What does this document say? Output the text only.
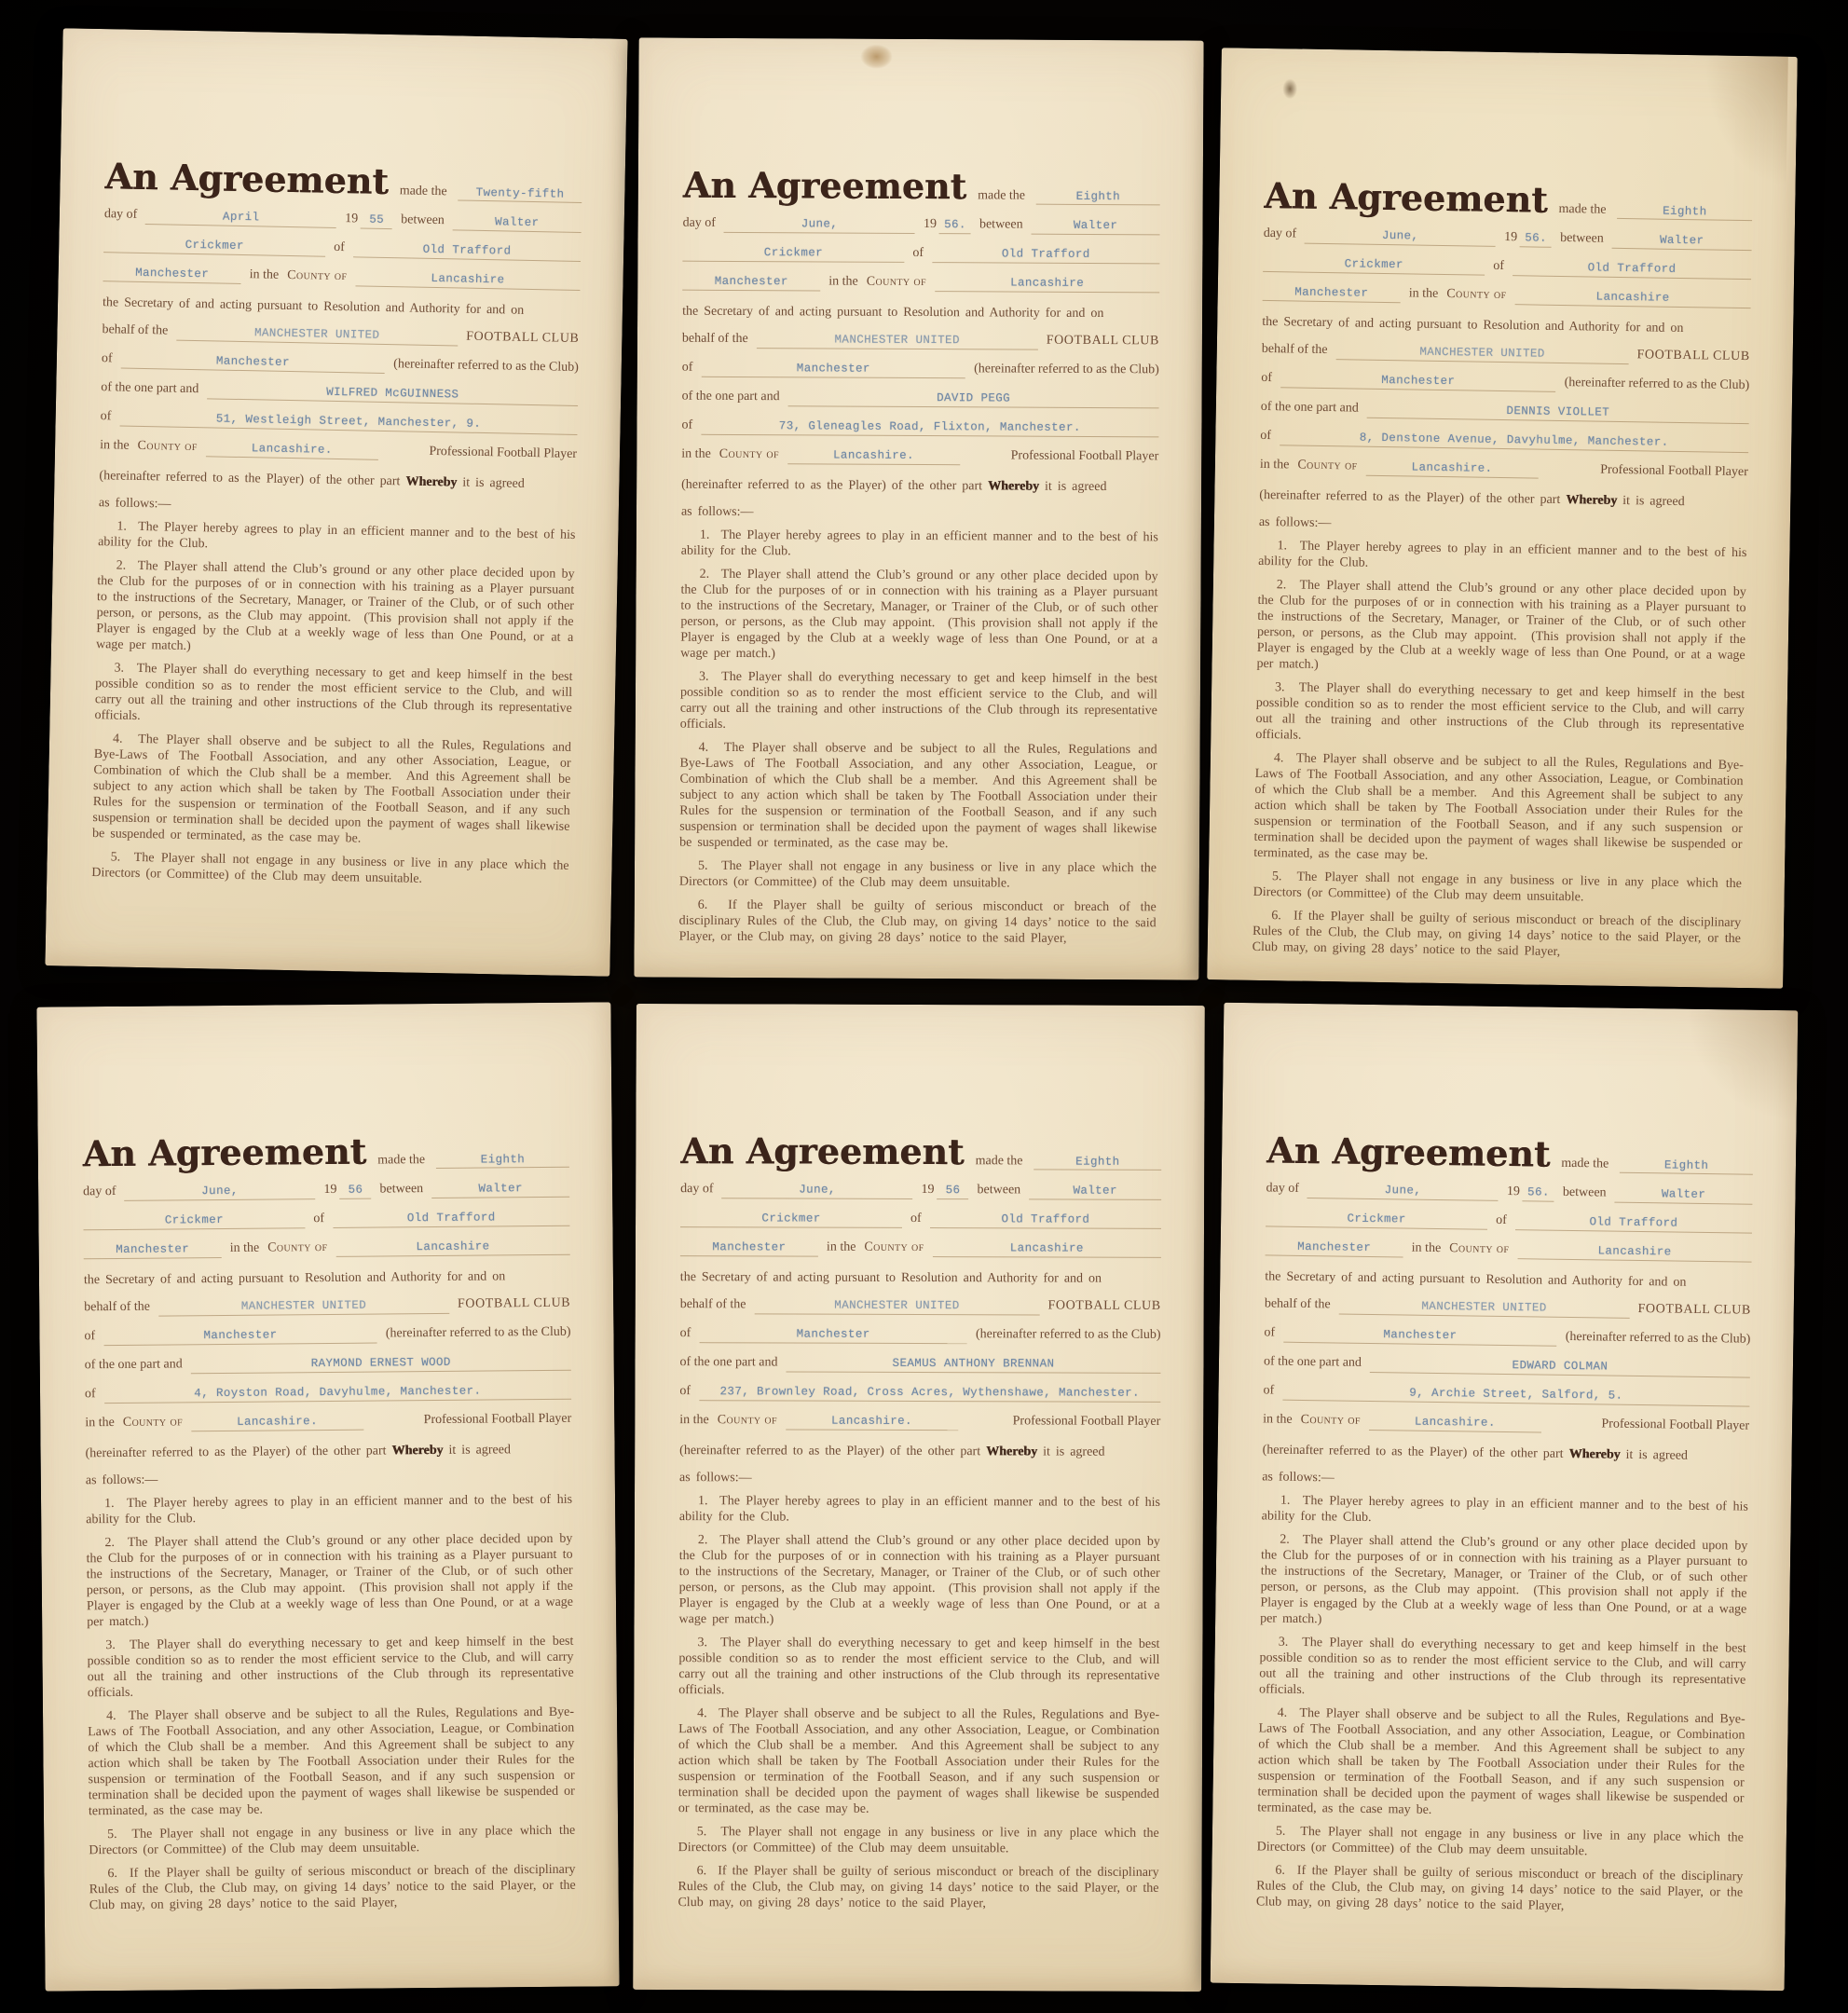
An Agreement made the	Twenty-fifth
day of	April	19 55	between	Walter
Crickmer	of	Old Trafford
Manchester	in the County of	Lancashire

the Secretary of and acting pursuant to Resolution and Authority for and on

behalf of the	MANCHESTER UNITED	FOOTBALL CLUB
of	Manchester	(hereinafter referred to as the Club)
of the one part and	WILFRED McGUINNESS
of	51, Westleigh Street, Manchester, 9.
in the County of	Lancashire.	Professional Football Player

(hereinafter referred to as the Player) of the other part Whereby it is agreed

as follows:—

1.  The Player hereby agrees to play in an efficient manner and to the best of his ability for the Club.

2.  The Player shall attend the Club’s ground or any other place decided upon by the Club for the purposes of or in connection with his training as a Player pursuant to the instructions of the Secretary, Manager, or Trainer of the Club, or of such other person, or persons, as the Club may appoint.  (This provision shall not apply if the Player is engaged by the Club at a weekly wage of less than One Pound, or at a wage per match.)

3.  The Player shall do everything necessary to get and keep himself in the best possible condition so as to render the most efficient service to the Club, and will carry out all the training and other instructions of the Club through its representative officials.

4.  The Player shall observe and be subject to all the Rules, Regulations and Bye-Laws of The Football Association, and any other Association, League, or Combination of which the Club shall be a member.  And this Agreement shall be subject to any action which shall be taken by The Football Association under their Rules for the suspension or termination of the Football Season, and if any such suspension or termination shall be decided upon the payment of wages shall likewise be suspended or terminated, as the case may be.

5.  The Player shall not engage in any business or live in any place which the Directors (or Committee) of the Club may deem unsuitable.

An Agreement made the	Eighth
day of	June,	19 56.	between	Walter
Crickmer	of	Old Trafford
Manchester	in the County of	Lancashire

the Secretary of and acting pursuant to Resolution and Authority for and on

behalf of the	MANCHESTER UNITED	FOOTBALL CLUB
of	Manchester	(hereinafter referred to as the Club)
of the one part and	DAVID PEGG
of	73, Gleneagles Road, Flixton, Manchester.
in the County of	Lancashire.	Professional Football Player

(hereinafter referred to as the Player) of the other part Whereby it is agreed

as follows:—

1.  The Player hereby agrees to play in an efficient manner and to the best of his ability for the Club.

2.  The Player shall attend the Club’s ground or any other place decided upon by the Club for the purposes of or in connection with his training as a Player pursuant to the instructions of the Secretary, Manager, or Trainer of the Club, or of such other person, or persons, as the Club may appoint.  (This provision shall not apply if the Player is engaged by the Club at a weekly wage of less than One Pound, or at a wage per match.)

3.  The Player shall do everything necessary to get and keep himself in the best possible condition so as to render the most efficient service to the Club, and will carry out all the training and other instructions of the Club through its representative officials.

4.  The Player shall observe and be subject to all the Rules, Regulations and Bye-Laws of The Football Association, and any other Association, League, or Combination of which the Club shall be a member.  And this Agreement shall be subject to any action which shall be taken by The Football Association under their Rules for the suspension or termination of the Football Season, and if any such suspension or termination shall be decided upon the payment of wages shall likewise be suspended or terminated, as the case may be.

5.  The Player shall not engage in any business or live in any place which the Directors (or Committee) of the Club may deem unsuitable.

6.  If the Player shall be guilty of serious misconduct or breach of the disciplinary Rules of the Club, the Club may, on giving 14 days’ notice to the said Player, or the Club may, on giving 28 days’ notice to the said Player,

An Agreement made the	Eighth
day of	June,	19 56. between	Walter
Crickmer	of	Old Trafford
Manchester	in the County of	Lancashire

the Secretary of and acting pursuant to Resolution and Authority for and on

behalf of the	MANCHESTER UNITED	FOOTBALL CLUB
of	Manchester	(hereinafter referred to as the Club)
of the one part and	DENNIS VIOLLET
of	8, Denstone Avenue, Davyhulme, Manchester.
in the County of	Lancashire.	Professional Football Player

(hereinafter referred to as the Player) of the other part Whereby it is agreed

as follows:—

1.  The Player hereby agrees to play in an efficient manner and to the best of his ability for the Club.

2.  The Player shall attend the Club’s ground or any other place decided upon by the Club for the purposes of or in connection with his training as a Player pursuant to the instructions of the Secretary, Manager, or Trainer of the Club, or of such other person, or persons, as the Club may appoint.  (This provision shall not apply if the Player is engaged by the Club at a weekly wage of less than One Pound, or at a wage per match.)

3.  The Player shall do everything necessary to get and keep himself in the best possible condition so as to render the most efficient service to the Club, and will carry out all the training and other instructions of the Club through its representative officials.

4.  The Player shall observe and be subject to all the Rules, Regulations and Bye-Laws of The Football Association, and any other Association, League, or Combination of which the Club shall be a member.  And this Agreement shall be subject to any action which shall be taken by The Football Association under their Rules for the suspension or termination of the Football Season, and if any such suspension or termination shall be decided upon the payment of wages shall likewise be suspended or terminated, as the case may be.

5.  The Player shall not engage in any business or live in any place which the Directors (or Committee) of the Club may deem unsuitable.

6.  If the Player shall be guilty of serious misconduct or breach of the disciplinary Rules of the Club, the Club may, on giving 14 days’ notice to the said Player, or the Club may, on giving 28 days’ notice to the said Player,

An Agreement made the	Eighth
day of	June,	19 56	between	Walter
Crickmer	of	Old Trafford
Manchester	in the County of	Lancashire

the Secretary of and acting pursuant to Resolution and Authority for and on

behalf of the	MANCHESTER UNITED	FOOTBALL CLUB
of	Manchester	(hereinafter referred to as the Club)
of the one part and	RAYMOND ERNEST WOOD
of	4, Royston Road, Davyhulme, Manchester.
in the County of	Lancashire.	Professional Football Player

(hereinafter referred to as the Player) of the other part Whereby it is agreed

as follows:—

1.  The Player hereby agrees to play in an efficient manner and to the best of his ability for the Club.

2.  The Player shall attend the Club’s ground or any other place decided upon by the Club for the purposes of or in connection with his training as a Player pursuant to the instructions of the Secretary, Manager, or Trainer of the Club, or of such other person, or persons, as the Club may appoint.  (This provision shall not apply if the Player is engaged by the Club at a weekly wage of less than One Pound, or at a wage per match.)

3.  The Player shall do everything necessary to get and keep himself in the best possible condition so as to render the most efficient service to the Club, and will carry out all the training and other instructions of the Club through its representative officials.

4.  The Player shall observe and be subject to all the Rules, Regulations and Bye-Laws of The Football Association, and any other Association, League, or Combination of which the Club shall be a member.  And this Agreement shall be subject to any action which shall be taken by The Football Association under their Rules for the suspension or termination of the Football Season, and if any such suspension or termination shall be decided upon the payment of wages shall likewise be suspended or terminated, as the case may be.

5.  The Player shall not engage in any business or live in any place which the Directors (or Committee) of the Club may deem unsuitable.

6.  If the Player shall be guilty of serious misconduct or breach of the disciplinary Rules of the Club, the Club may, on giving 14 days’ notice to the said Player, or the Club may, on giving 28 days’ notice to the said Player,

An Agreement made the	Eighth
day of	June,	19 56	between	Walter
Crickmer	of	Old Trafford
Manchester	in the County of	Lancashire

the Secretary of and acting pursuant to Resolution and Authority for and on

behalf of the	MANCHESTER UNITED	FOOTBALL CLUB
of	Manchester	(hereinafter referred to as the Club)
of the one part and	SEAMUS ANTHONY BRENNAN
of	237, Brownley Road, Cross Acres, Wythenshawe, Manchester.
in the County of	Lancashire.	Professional Football Player

(hereinafter referred to as the Player) of the other part Whereby it is agreed

as follows:—

1.  The Player hereby agrees to play in an efficient manner and to the best of his ability for the Club.

2.  The Player shall attend the Club’s ground or any other place decided upon by the Club for the purposes of or in connection with his training as a Player pursuant to the instructions of the Secretary, Manager, or Trainer of the Club, or of such other person, or persons, as the Club may appoint.  (This provision shall not apply if the Player is engaged by the Club at a weekly wage of less than One Pound, or at a wage per match.)

3.  The Player shall do everything necessary to get and keep himself in the best possible condition so as to render the most efficient service to the Club, and will carry out all the training and other instructions of the Club through its representative officials.

4.  The Player shall observe and be subject to all the Rules, Regulations and Bye-Laws of The Football Association, and any other Association, League, or Combination of which the Club shall be a member.  And this Agreement shall be subject to any action which shall be taken by The Football Association under their Rules for the suspension or termination of the Football Season, and if any such suspension or termination shall be decided upon the payment of wages shall likewise be suspended or terminated, as the case may be.

5.  The Player shall not engage in any business or live in any place which the Directors (or Committee) of the Club may deem unsuitable.

6.  If the Player shall be guilty of serious misconduct or breach of the disciplinary Rules of the Club, the Club may, on giving 14 days’ notice to the said Player, or the Club may, on giving 28 days’ notice to the said Player,

An Agreement made the	Eighth
day of	June,	19 56. between	Walter
Crickmer	of	Old Trafford
Manchester	in the County of	Lancashire

the Secretary of and acting pursuant to Resolution and Authority for and on

behalf of the	MANCHESTER UNITED	FOOTBALL CLUB
of	Manchester	(hereinafter referred to as the Club)
of the one part and	EDWARD COLMAN
of	9, Archie Street, Salford, 5.
in the County of	Lancashire.	Professional Football Player

(hereinafter referred to as the Player) of the other part Whereby it is agreed

as follows:—

1.  The Player hereby agrees to play in an efficient manner and to the best of his ability for the Club.

2.  The Player shall attend the Club’s ground or any other place decided upon by the Club for the purposes of or in connection with his training as a Player pursuant to the instructions of the Secretary, Manager, or Trainer of the Club, or of such other person, or persons, as the Club may appoint.  (This provision shall not apply if the Player is engaged by the Club at a weekly wage of less than One Pound, or at a wage per match.)

3.  The Player shall do everything necessary to get and keep himself in the best possible condition so as to render the most efficient service to the Club, and will carry out all the training and other instructions of the Club through its representative officials.

4.  The Player shall observe and be subject to all the Rules, Regulations and Bye-Laws of The Football Association, and any other Association, League, or Combination of which the Club shall be a member.  And this Agreement shall be subject to any action which shall be taken by The Football Association under their Rules for the suspension or termination of the Football Season, and if any such suspension or termination shall be decided upon the payment of wages shall likewise be suspended or terminated, as the case may be.

5.  The Player shall not engage in any business or live in any place which the Directors (or Committee) of the Club may deem unsuitable.

6.  If the Player shall be guilty of serious misconduct or breach of the disciplinary Rules of the Club, the Club may, on giving 14 days’ notice to the said Player, or the Club may, on giving 28 days’ notice to the said Player,
